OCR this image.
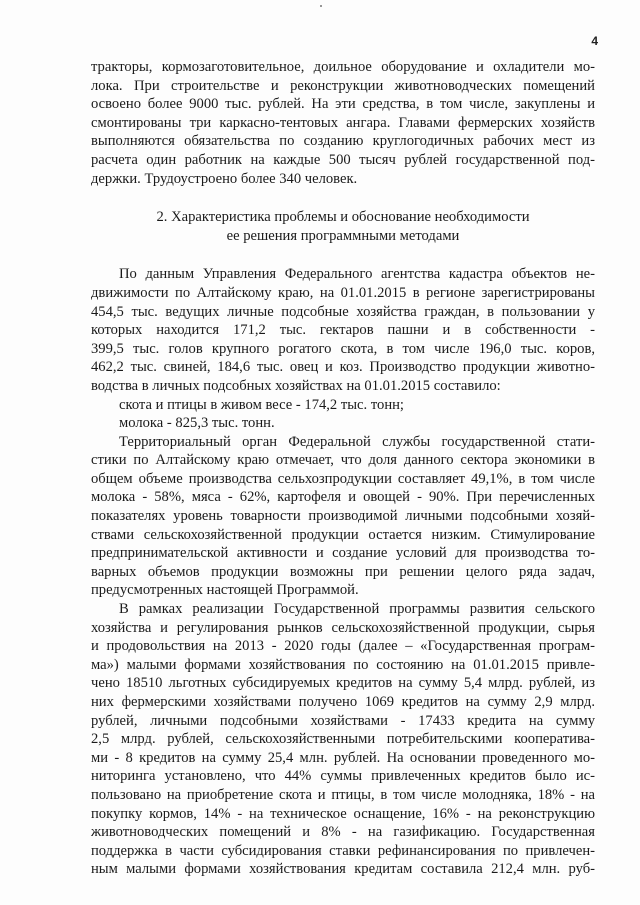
4
тракторы, кормозаготовительное, доильное оборудование и охладители мо-
лока. При строительстве и реконструкции животноводческих помещений
освоено более 9000 тыс. рублей. На эти средства, в том числе, закуплены и
смонтированы три каркасно-тентовых ангара. Главами фермерских хозяйств
выполняются обязательства по созданию круглогодичных рабочих мест из
расчета один работник на каждые 500 тысяч рублей государственной под-
держки. Трудоустроено более 340 человек.
2. Характеристика проблемы и обоснование необходимости
ее решения программными методами
По данным Управления Федерального агентства кадастра объектов не-
движимости по Алтайскому краю, на 01.01.2015 в регионе зарегистрированы
454,5 тыс. ведущих личные подсобные хозяйства граждан, в пользовании у
которых находится 171,2 тыс. гектаров пашни и в собственности -
399,5 тыс. голов крупного рогатого скота, в том числе 196,0 тыс. коров,
462,2 тыс. свиней, 184,6 тыс. овец и коз. Производство продукции животно-
водства в личных подсобных хозяйствах на 01.01.2015 составило:
скота и птицы в живом весе - 174,2 тыс. тонн;
молока - 825,3 тыс. тонн.
Территориальный орган Федеральной службы государственной стати-
стики по Алтайскому краю отмечает, что доля данного сектора экономики в
общем объеме производства сельхозпродукции составляет 49,1%, в том числе
молока - 58%, мяса - 62%, картофеля и овощей - 90%. При перечисленных
показателях уровень товарности производимой личными подсобными хозяй-
ствами сельскохозяйственной продукции остается низким. Стимулирование
предпринимательской активности и создание условий для производства то-
варных объемов продукции возможны при решении целого ряда задач,
предусмотренных настоящей Программой.
В рамках реализации Государственной программы развития сельского
хозяйства и регулирования рынков сельскохозяйственной продукции, сырья
и продовольствия на 2013 - 2020 годы (далее – «Государственная програм-
ма») малыми формами хозяйствования по состоянию на 01.01.2015 привле-
чено 18510 льготных субсидируемых кредитов на сумму 5,4 млрд. рублей, из
них фермерскими хозяйствами получено 1069 кредитов на сумму 2,9 млрд.
рублей, личными подсобными хозяйствами - 17433 кредита на сумму
2,5 млрд. рублей, сельскохозяйственными потребительскими кооператива-
ми - 8 кредитов на сумму 25,4 млн. рублей. На основании проведенного мо-
ниторинга установлено, что 44% суммы привлеченных кредитов было ис-
пользовано на приобретение скота и птицы, в том числе молодняка, 18% - на
покупку кормов, 14% - на техническое оснащение, 16% - на реконструкцию
животноводческих помещений и 8% - на газификацию. Государственная
поддержка в части субсидирования ставки рефинансирования по привлечен-
ным малыми формами хозяйствования кредитам составила 212,4 млн. руб-
